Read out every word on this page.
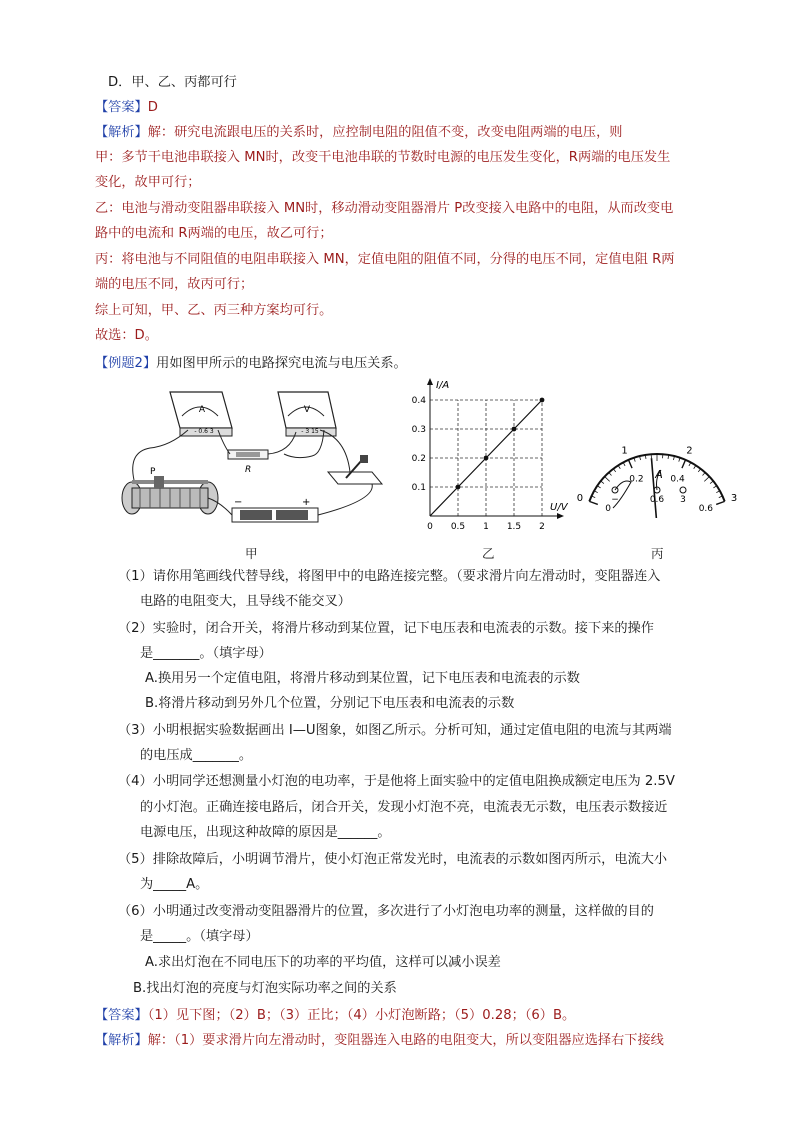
D．甲、乙、丙都可行
【答案】D
【解析】解：研究电流跟电压的关系时，应控制电阻的阻值不变，改变电阻两端的电压，则
甲：多节干电池串联接入 MN时，改变干电池串联的节数时电源的电压发生变化，R两端的电压发生
变化，故甲可行；
乙：电池与滑动变阻器串联接入 MN时，移动滑动变阻器滑片 P改变接入电路中的电阻，从而改变电
路中的电流和 R两端的电压，故乙可行；
丙：将电池与不同阻值的电阻串联接入 MN，定值电阻的阻值不同，分得的电压不同，定值电阻 R两
端的电压不同，故丙可行；
综上可知，甲、乙、丙三种方案均可行。
故选：D。
【例题2】用如图甲所示的电路探究电流与电压关系。
A
- 0.6 3
V
- 3 15
R
P
−	+
0 0.5 1 1.5 2
0.1
0.2
0.3
0.4
U/V
I/A
0
1	2
3
0
0.2	0.4
0.6
A
−	0.6 3
甲	乙	丙
（1）请你用笔画线代替导线，将图甲中的电路连接完整。（要求滑片向左滑动时，变阻器连入
电路的电阻变大，且导线不能交叉）
（2）实验时，闭合开关，将滑片移动到某位置，记下电压表和电流表的示数。接下来的操作
是_______。（填字母）
A.换用另一个定值电阻，将滑片移动到某位置，记下电压表和电流表的示数
B.将滑片移动到另外几个位置，分别记下电压表和电流表的示数
（3）小明根据实验数据画出 I—U图象，如图乙所示。分析可知，通过定值电阻的电流与其两端
的电压成_______。
（4）小明同学还想测量小灯泡的电功率，于是他将上面实验中的定值电阻换成额定电压为 2.5V
的小灯泡。正确连接电路后，闭合开关，发现小灯泡不亮，电流表无示数，电压表示数接近
电源电压，出现这种故障的原因是______。
（5）排除故障后，小明调节滑片，使小灯泡正常发光时，电流表的示数如图丙所示，电流大小
为_____A。
（6）小明通过改变滑动变阻器滑片的位置，多次进行了小灯泡电功率的测量，这样做的目的
是_____。（填字母）
A.求出灯泡在不同电压下的功率的平均值，这样可以减小误差
B.找出灯泡的亮度与灯泡实际功率之间的关系
【答案】（1）见下图；（2）B；（3）正比；（4）小灯泡断路；（5）0.28；（6）B。
【解析】解：（1）要求滑片向左滑动时，变阻器连入电路的电阻变大，所以变阻器应选择右下接线
